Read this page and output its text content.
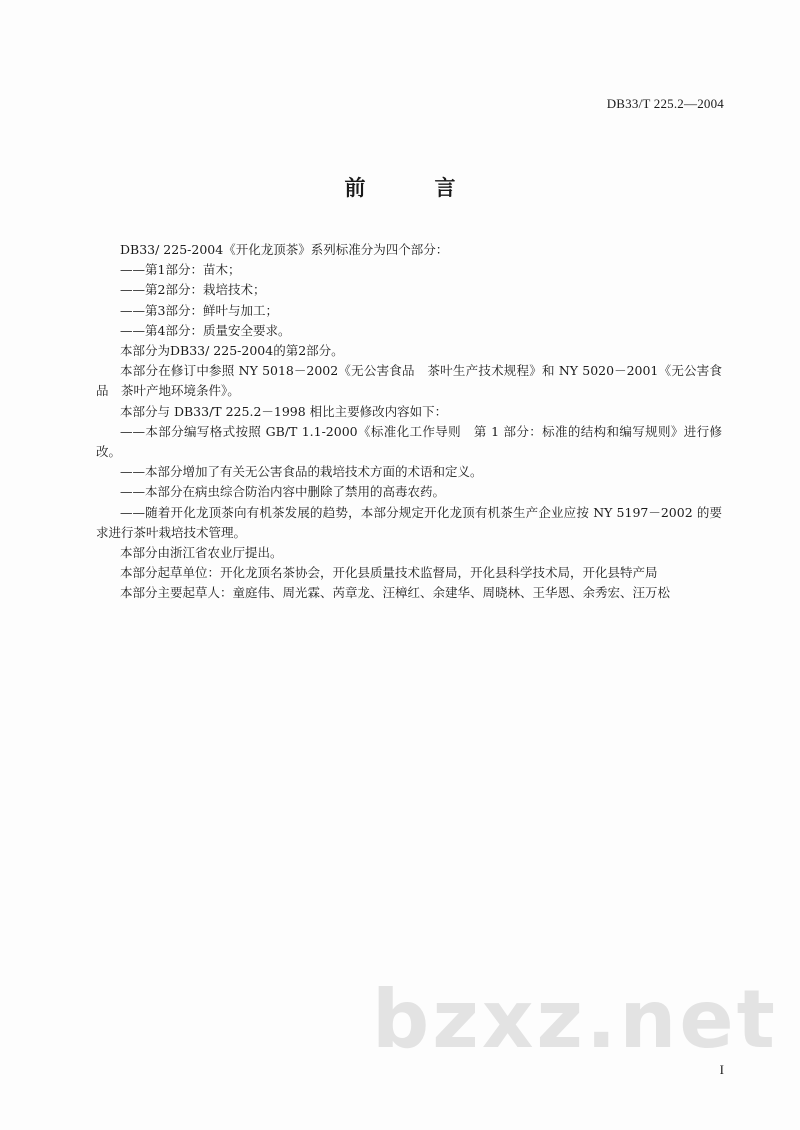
DB33/T 225.2—2004
前　言

DB33/ 225-2004《开化龙顶茶》系列标准分为四个部分：

——第1部分：苗木；

——第2部分：栽培技术；

——第3部分：鲜叶与加工；

——第4部分：质量安全要求。

本部分为DB33/ 225-2004的第2部分。

本部分在修订中参照 NY 5018－2002《无公害食品　茶叶生产技术规程》和 NY 5020－2001《无公害食品　茶叶产地环境条件》。

本部分与 DB33/T 225.2－1998 相比主要修改内容如下：

——本部分编写格式按照 GB/T 1.1-2000《标准化工作导则　第 1 部分：标准的结构和编写规则》进行修改。

——本部分增加了有关无公害食品的栽培技术方面的术语和定义。

——本部分在病虫综合防治内容中删除了禁用的高毒农药。

——随着开化龙顶茶向有机茶发展的趋势，本部分规定开化龙顶有机茶生产企业应按 NY 5197－2002 的要求进行茶叶栽培技术管理。

本部分由浙江省农业厅提出。

本部分起草单位：开化龙顶名茶协会，开化县质量技术监督局，开化县科学技术局，开化县特产局

本部分主要起草人：童庭伟、周光霖、芮章龙、汪樟红、余建华、周晓林、王华恩、余秀宏、汪万松

bzxz.net
I
